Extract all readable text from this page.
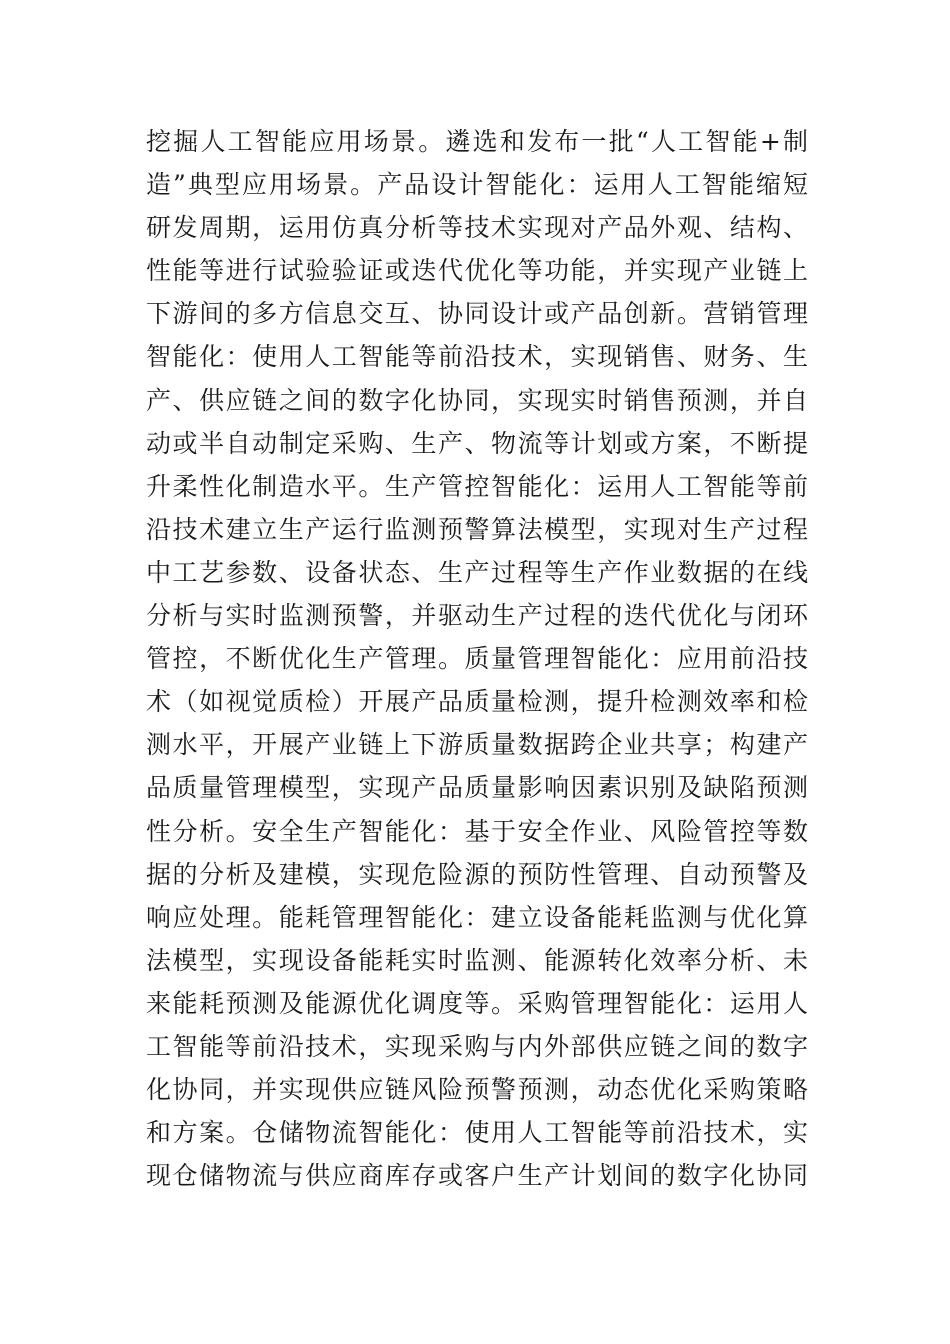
挖掘人工智能应用场景。遴选和发布一批“人工智能+制
造”典型应用场景。产品设计智能化：运用人工智能缩短
研发周期，运用仿真分析等技术实现对产品外观、结构、
性能等进行试验验证或迭代优化等功能，并实现产业链上
下游间的多方信息交互、协同设计或产品创新。营销管理
智能化：使用人工智能等前沿技术，实现销售、财务、生
产、供应链之间的数字化协同，实现实时销售预测，并自
动或半自动制定采购、生产、物流等计划或方案，不断提
升柔性化制造水平。生产管控智能化：运用人工智能等前
沿技术建立生产运行监测预警算法模型，实现对生产过程
中工艺参数、设备状态、生产过程等生产作业数据的在线
分析与实时监测预警，并驱动生产过程的迭代优化与闭环
管控，不断优化生产管理。质量管理智能化：应用前沿技
术（如视觉质检）开展产品质量检测，提升检测效率和检
测水平，开展产业链上下游质量数据跨企业共享；构建产
品质量管理模型，实现产品质量影响因素识别及缺陷预测
性分析。安全生产智能化：基于安全作业、风险管控等数
据的分析及建模，实现危险源的预防性管理、自动预警及
响应处理。能耗管理智能化：建立设备能耗监测与优化算
法模型，实现设备能耗实时监测、能源转化效率分析、未
来能耗预测及能源优化调度等。采购管理智能化：运用人
工智能等前沿技术，实现采购与内外部供应链之间的数字
化协同，并实现供应链风险预警预测，动态优化采购策略
和方案。仓储物流智能化：使用人工智能等前沿技术，实
现仓储物流与供应商库存或客户生产计划间的数字化协同
